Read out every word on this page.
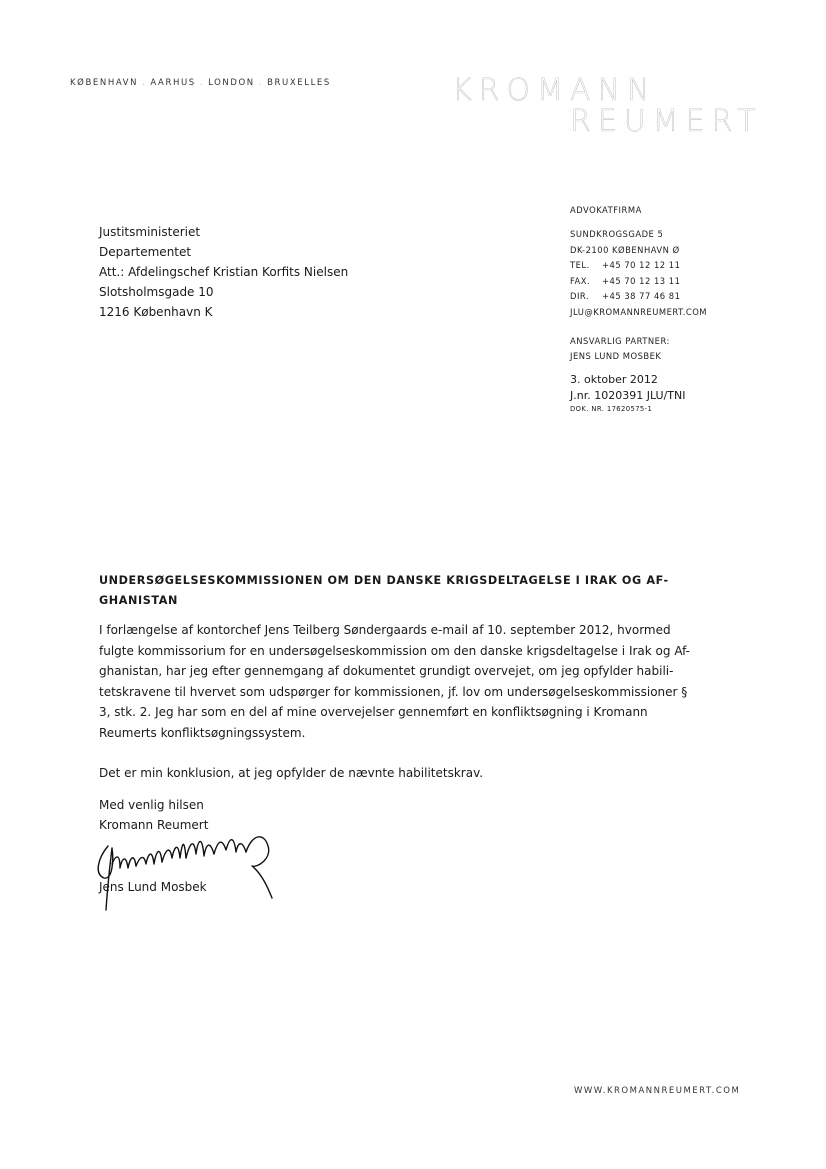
KØBENHAVN . AARHUS . LONDON . BRUXELLES	KROMANN
REUMERT
Justitsministeriet
Departementet
Att.: Afdelingschef Kristian Korfits Nielsen
Slotsholmsgade 10
1216 København K
ADVOKATFIRMA
SUNDKROGSGADE 5
DK-2100 KØBENHAVN Ø
TEL. +45 70 12 12 11
FAX. +45 70 12 13 11
DIR. +45 38 77 46 81
JLU@KROMANNREUMERT.COM
ANSVARLIG PARTNER:
JENS LUND MOSBEK
3. oktober 2012
J.nr. 1020391 JLU/TNI
DOK. NR. 17620575-1
UNDERSØGELSESKOMMISSIONEN OM DEN DANSKE KRIGSDELTAGELSE I IRAK OG AF-
GHANISTAN
I forlængelse af kontorchef Jens Teilberg Søndergaards e-mail af 10. september 2012, hvormed
fulgte kommissorium for en undersøgelseskommission om den danske krigsdeltagelse i Irak og Af-
ghanistan, har jeg efter gennemgang af dokumentet grundigt overvejet, om jeg opfylder habili-
tetskravene til hvervet som udspørger for kommissionen, jf. lov om undersøgelseskommissioner §
3, stk. 2. Jeg har som en del af mine overvejelser gennemført en konfliktsøgning i Kromann
Reumerts konfliktsøgningssystem.
Det er min konklusion, at jeg opfylder de nævnte habilitetskrav.
Med venlig hilsen
Kromann Reumert
Jens Lund Mosbek
WWW.KROMANNREUMERT.COM
